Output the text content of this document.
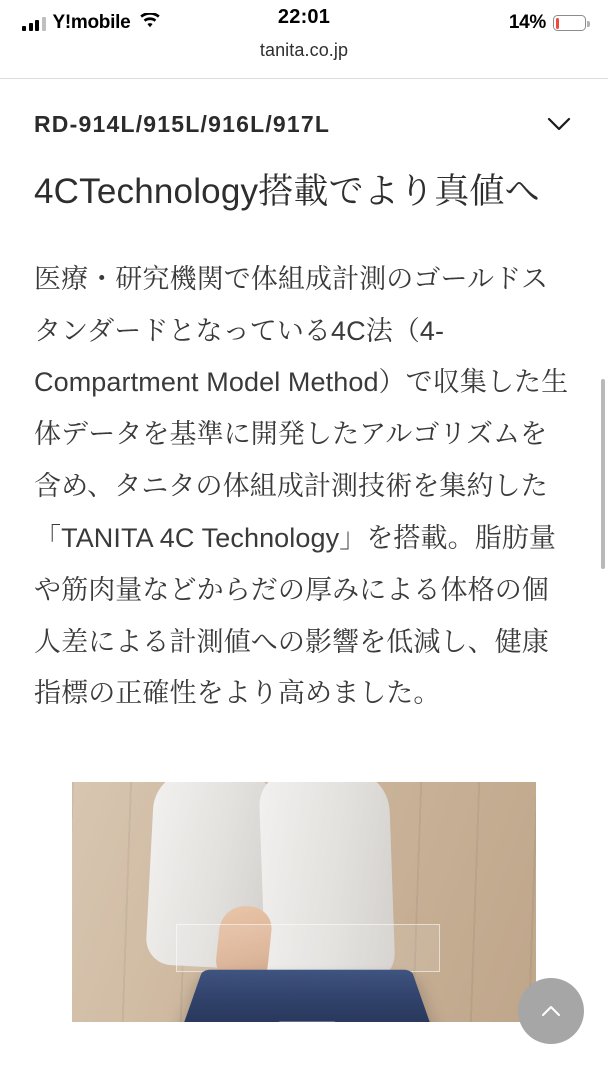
Y!mobile	22:01	14%
tanita.co.jp
RD-914L/915L/916L/917L
4CTechnology搭載でより真値へ

医療・研究機関で体組成計測のゴールドスタンダードとなっている4C法（4-Compartment Model Method）で収集した生体データを基準に開発したアルゴリズムを含め、タニタの体組成計測技術を集約した「TANITA 4C Technology」を搭載。脂肪量や筋肉量などからだの厚みによる体格の個人差による計測値への影響を低減し、健康指標の正確性をより高めました。
